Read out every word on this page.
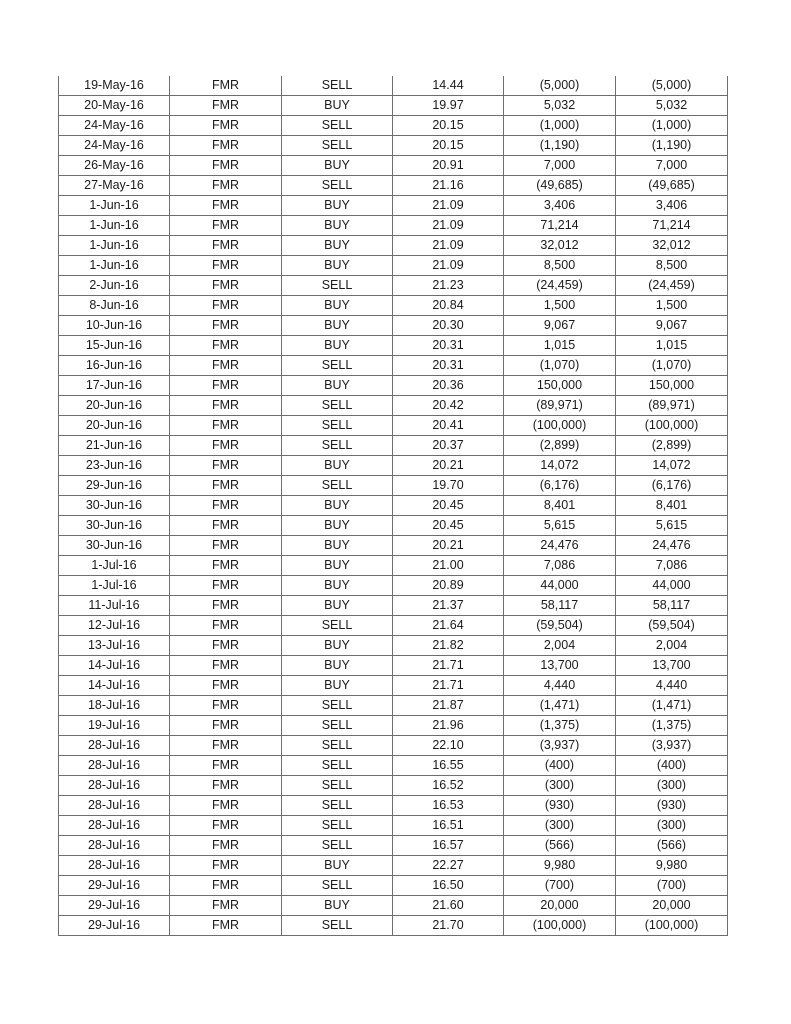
19-May-16	FMR	SELL	14.44	(5,000)	(5,000)
20-May-16	FMR	BUY	19.97	5,032	5,032
24-May-16	FMR	SELL	20.15	(1,000)	(1,000)
24-May-16	FMR	SELL	20.15	(1,190)	(1,190)
26-May-16	FMR	BUY	20.91	7,000	7,000
27-May-16	FMR	SELL	21.16	(49,685)	(49,685)
1-Jun-16	FMR	BUY	21.09	3,406	3,406
1-Jun-16	FMR	BUY	21.09	71,214	71,214
1-Jun-16	FMR	BUY	21.09	32,012	32,012
1-Jun-16	FMR	BUY	21.09	8,500	8,500
2-Jun-16	FMR	SELL	21.23	(24,459)	(24,459)
8-Jun-16	FMR	BUY	20.84	1,500	1,500
10-Jun-16	FMR	BUY	20.30	9,067	9,067
15-Jun-16	FMR	BUY	20.31	1,015	1,015
16-Jun-16	FMR	SELL	20.31	(1,070)	(1,070)
17-Jun-16	FMR	BUY	20.36	150,000	150,000
20-Jun-16	FMR	SELL	20.42	(89,971)	(89,971)
20-Jun-16	FMR	SELL	20.41	(100,000)	(100,000)
21-Jun-16	FMR	SELL	20.37	(2,899)	(2,899)
23-Jun-16	FMR	BUY	20.21	14,072	14,072
29-Jun-16	FMR	SELL	19.70	(6,176)	(6,176)
30-Jun-16	FMR	BUY	20.45	8,401	8,401
30-Jun-16	FMR	BUY	20.45	5,615	5,615
30-Jun-16	FMR	BUY	20.21	24,476	24,476
1-Jul-16	FMR	BUY	21.00	7,086	7,086
1-Jul-16	FMR	BUY	20.89	44,000	44,000
11-Jul-16	FMR	BUY	21.37	58,117	58,117
12-Jul-16	FMR	SELL	21.64	(59,504)	(59,504)
13-Jul-16	FMR	BUY	21.82	2,004	2,004
14-Jul-16	FMR	BUY	21.71	13,700	13,700
14-Jul-16	FMR	BUY	21.71	4,440	4,440
18-Jul-16	FMR	SELL	21.87	(1,471)	(1,471)
19-Jul-16	FMR	SELL	21.96	(1,375)	(1,375)
28-Jul-16	FMR	SELL	22.10	(3,937)	(3,937)
28-Jul-16	FMR	SELL	16.55	(400)	(400)
28-Jul-16	FMR	SELL	16.52	(300)	(300)
28-Jul-16	FMR	SELL	16.53	(930)	(930)
28-Jul-16	FMR	SELL	16.51	(300)	(300)
28-Jul-16	FMR	SELL	16.57	(566)	(566)
28-Jul-16	FMR	BUY	22.27	9,980	9,980
29-Jul-16	FMR	SELL	16.50	(700)	(700)
29-Jul-16	FMR	BUY	21.60	20,000	20,000
29-Jul-16	FMR	SELL	21.70	(100,000)	(100,000)
